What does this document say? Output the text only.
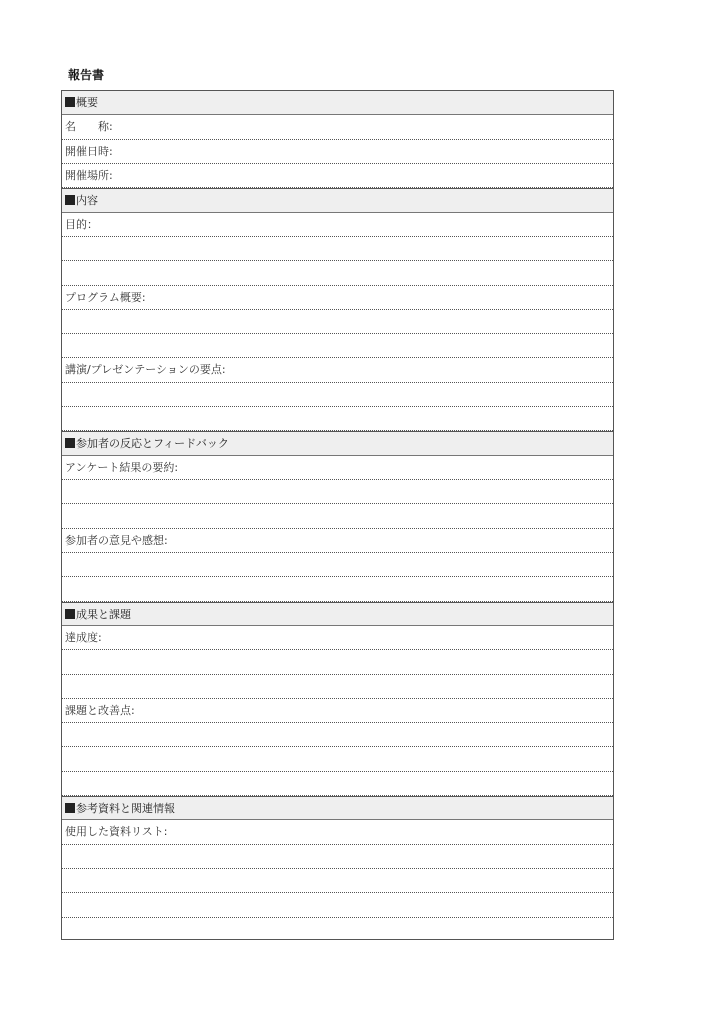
報告書
概要
名　　称:
開催日時:
開催場所:
内容
目的：
プログラム概要:
講演/プレゼンテーションの要点:
参加者の反応とフィードバック
アンケート結果の要約:
参加者の意見や感想:
成果と課題
達成度:
課題と改善点:
参考資料と関連情報
使用した資料リスト:
